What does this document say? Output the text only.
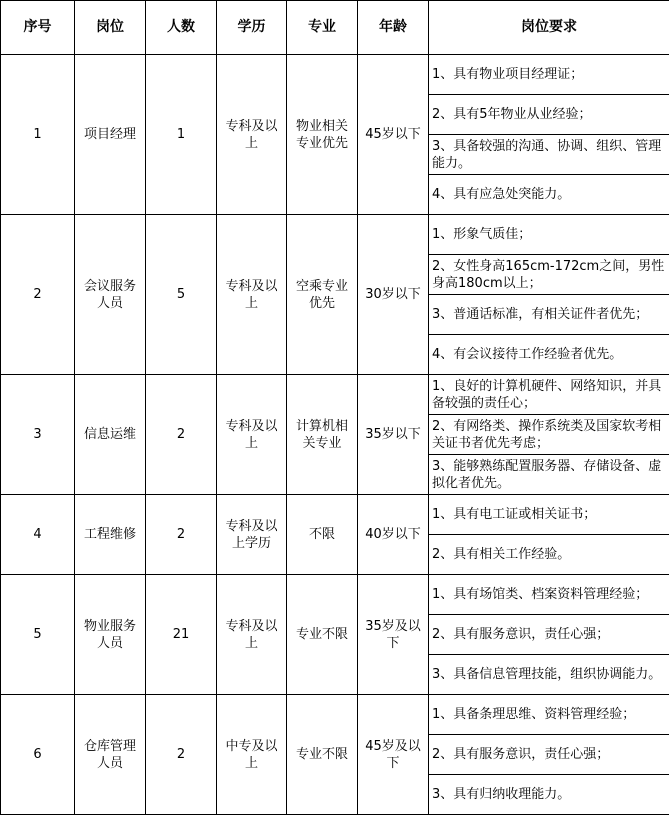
序号	岗位	人数	学历	专业	年龄	岗位要求
1	项目经理	1	专科及以上	物业相关专业优先	45岁以下	1、具有物业项目经理证；
						2、具有5年物业从业经验；
						3、具备较强的沟通、协调、组织、管理能力。
						4、具有应急处突能力。
2	会议服务人员	5	专科及以上	空乘专业优先	30岁以下	1、形象气质佳；
						2、女性身高165cm-172cm之间，男性身高180cm以上；
						3、普通话标准，有相关证件者优先；
						4、有会议接待工作经验者优先。
3	信息运维	2	专科及以上	计算机相关专业	35岁以下	1、良好的计算机硬件、网络知识，并具备较强的责任心；
						2、有网络类、操作系统类及国家软考相关证书者优先考虑；
						3、能够熟练配置服务器、存储设备、虚拟化者优先。
4	工程维修	2	专科及以上学历	不限	40岁以下	1、具有电工证或相关证书；
						2、具有相关工作经验。
5	物业服务人员	21	专科及以上	专业不限	35岁及以下	1、具有场馆类、档案资料管理经验；
						2、具有服务意识，责任心强；
						3、具备信息管理技能，组织协调能力。
6	仓库管理人员	2	中专及以上	专业不限	45岁及以下	1、具备条理思维、资料管理经验；
						2、具有服务意识，责任心强；
						3、具有归纳收理能力。
